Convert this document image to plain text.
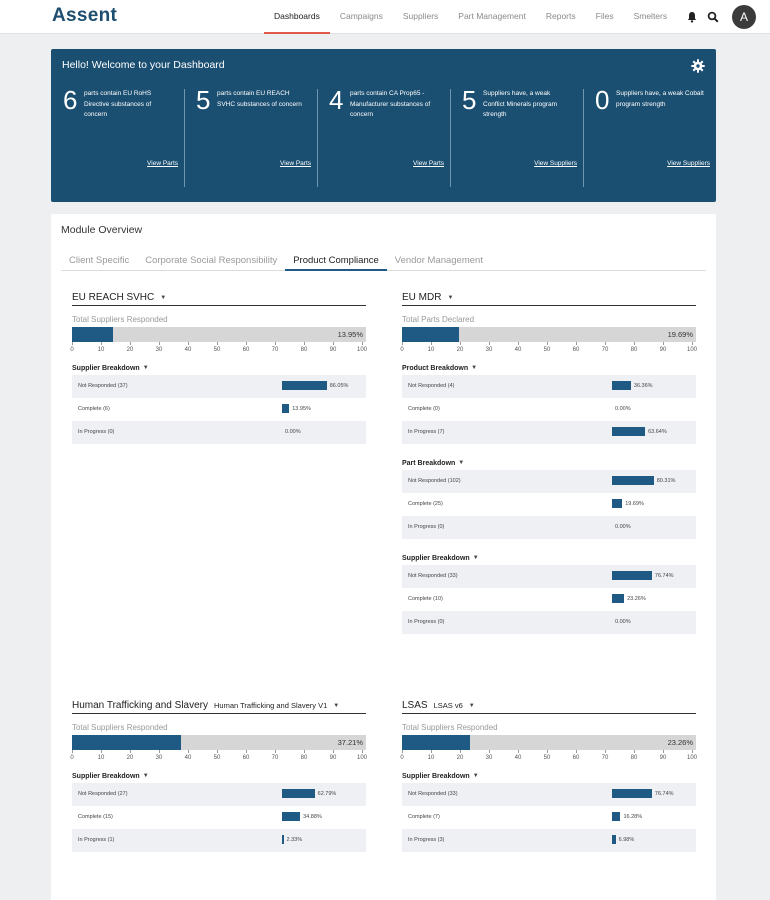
Assent	Dashboards	Campaigns	Suppliers	Part Management	Reports	Files	Smelters	A
Hello! Welcome to your Dashboard
6 parts contain EU RoHS Directive substances of concern
View Parts
5 parts contain EU REACH SVHC substances of concern
View Parts
4 parts contain CA Prop65 - Manufacturer substances of concern
View Parts
5 Suppliers have, a weak Conflict Minerals program strength
View Suppliers
0 Suppliers have, a weak Cobalt program strength
View Suppliers
Module Overview
Client Specific	Corporate Social Responsibility	Product Compliance	Vendor Management
EU REACH SVHC ▼
Total Suppliers Responded
13.95%
0	10	20	30	40	50	60	70	80	90	100
Supplier Breakdown ▼
Not Responded (37)	86.05%
Complete (6)	13.95%
In Progress (0)	0.00%
EU MDR ▼
Total Parts Declared
19.69%
0	10	20	30	40	50	60	70	80	90	100
Product Breakdown ▼
Not Responded (4)	36.36%
Complete (0)	0.00%
In Progress (7)	63.64%
Part Breakdown ▼
Not Responded (102)	80.31%
Complete (25)	19.69%
In Progress (0)	0.00%
Supplier Breakdown ▼
Not Responded (33)	76.74%
Complete (10)	23.26%
In Progress (0)	0.00%
Human Trafficking and Slavery Human Trafficking and Slavery V1 ▼
Total Suppliers Responded
37.21%
0	10	20	30	40	50	60	70	80	90	100
Supplier Breakdown ▼
Not Responded (27)	62.79%
Complete (15)	34.88%
In Progress (1)	2.33%
LSAS LSAS v6 ▼
Total Suppliers Responded
23.26%
0	10	20	30	40	50	60	70	80	90	100
Supplier Breakdown ▼
Not Responded (33)	76.74%
Complete (7)	16.28%
In Progress (3)	6.98%
